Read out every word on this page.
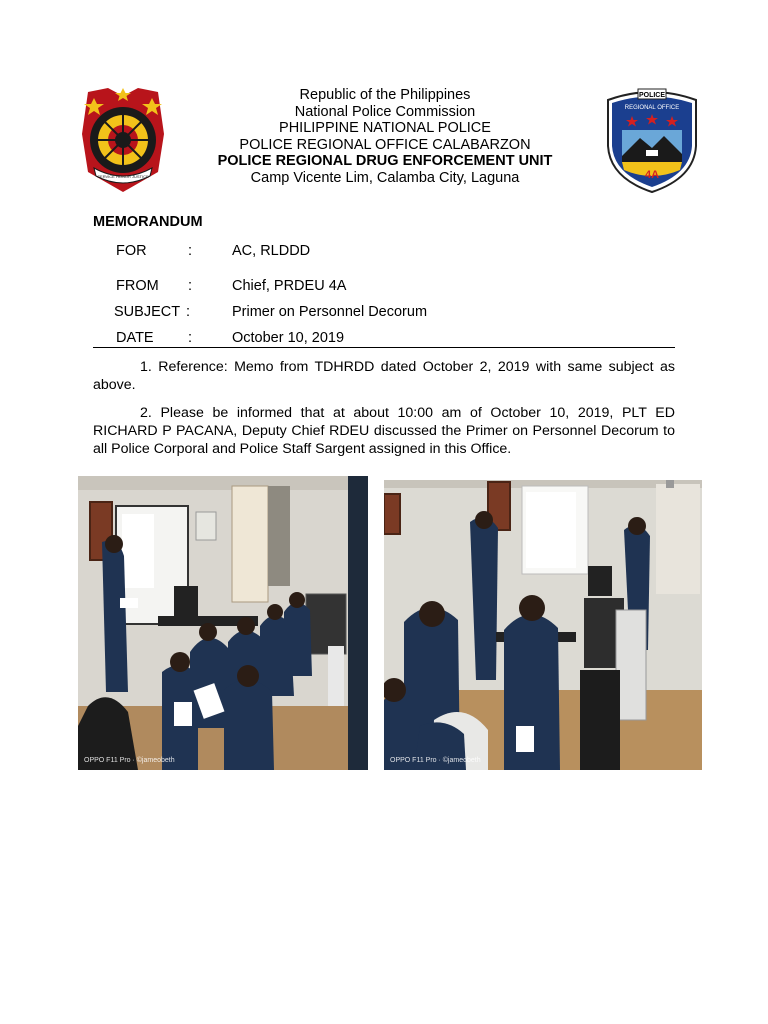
SERVICE HONOR JUSTICE
Republic of the Philippines
National Police Commission
PHILIPPINE NATIONAL POLICE
POLICE REGIONAL OFFICE CALABARZON
POLICE REGIONAL DRUG ENFORCEMENT UNIT
Camp Vicente Lim, Calamba City, Laguna
POLICE
REGIONAL OFFICE
4A
MEMORANDUM
FOR	:	AC, RLDDD
FROM :	Chief, PRDEU 4A
SUBJECT :	Primer on Personnel Decorum
DATE :	October 10, 2019
1. Reference: Memo from TDHRDD dated October 2, 2019 with same subject as above.
2. Please be informed that at about 10:00 am of October 10, 2019, PLT ED RICHARD P PACANA, Deputy Chief RDEU discussed the Primer on Personnel Decorum to all Police Corporal and Police Staff Sargent assigned in this Office.
OPPO F11 Pro · ©jameobeth	OPPO F11 Pro · ©jameobeth
